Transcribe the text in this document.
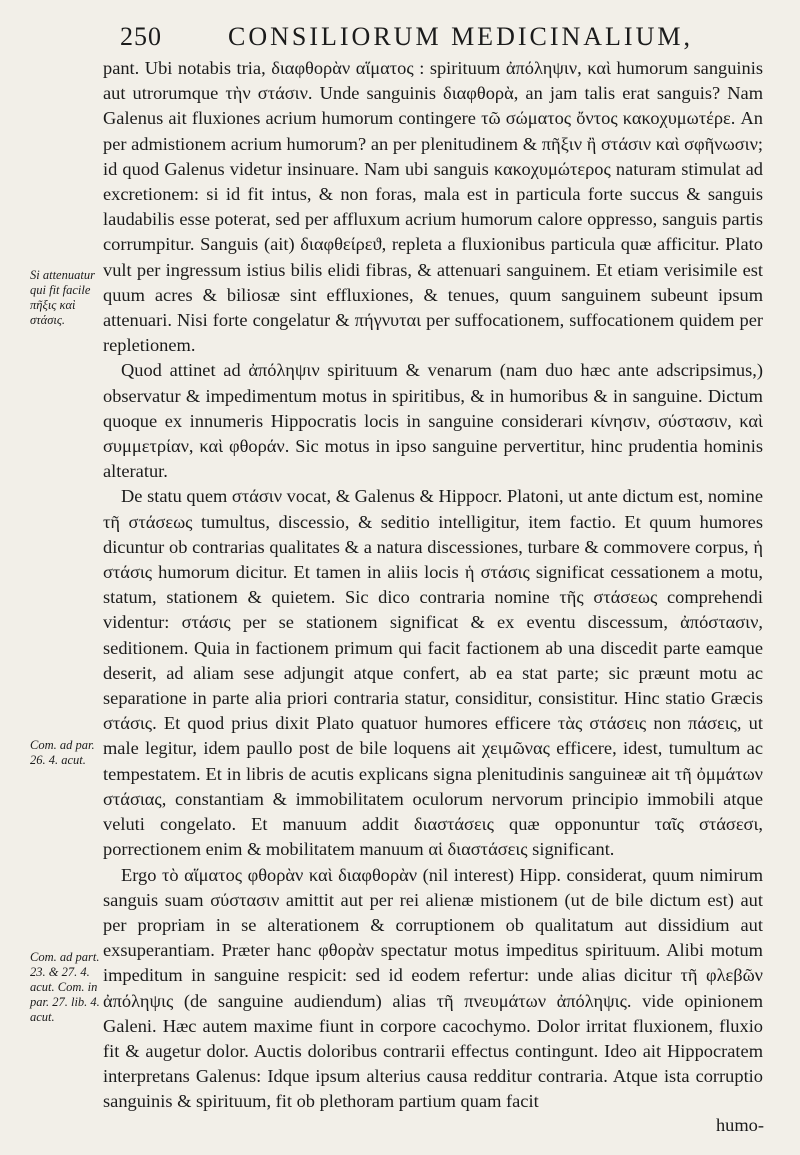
250	CONSILIORUM MEDICINALIUM,
Si attenuatur qui fit facile πῆξις καὶ στάσις.
Com. ad par. 26. 4. acut.
Com. ad part. 23. & 27. 4. acut. Com. in par. 27. lib. 4. acut.

pant. Ubi notabis tria, διαφθορὰν αἵματος : spirituum ἀπόληψιν, καὶ humorum sanguinis aut utrorumque τὴν στάσιν. Unde sanguinis διαφθορὰ, an jam talis erat sanguis? Nam Galenus ait fluxiones acrium humorum contingere τῶ σώματος ὄντος κακοχυμωτέρε. An per admistionem acrium humorum? an per plenitudinem & πῆξιν ἢ στάσιν καὶ σφῆνωσιν; id quod Galenus videtur insinuare. Nam ubi sanguis κακοχυμώτερος naturam stimulat ad excretionem: si id fit intus, & non foras, mala est in particula forte succus & sanguis laudabilis esse poterat, sed per affluxum acrium humorum calore oppresso, sanguis partis corrumpitur. Sanguis (ait) διαφθείρεϑ, repleta a fluxionibus particula quæ afficitur. Plato vult per ingressum istius bilis elidi fibras, & attenuari sanguinem. Et etiam verisimile est quum acres & biliosæ sint effluxiones, & tenues, quum sanguinem subeunt ipsum attenuari. Nisi forte congelatur & πήγνυται per suffocationem, suffocationem quidem per repletionem.

Quod attinet ad ἀπόληψιν spirituum & venarum (nam duo hæc ante adscripsimus,) observatur & impedimentum motus in spiritibus, & in humoribus & in sanguine. Dictum quoque ex innumeris Hippocratis locis in sanguine considerari κίνησιν, σύστασιν, καὶ συμμετρίαν, καὶ φθοράν. Sic motus in ipso sanguine pervertitur, hinc prudentia hominis alteratur.

De statu quem στάσιν vocat, & Galenus & Hippocr. Platoni, ut ante dictum est, nomine τῆ στάσεως tumultus, discessio, & seditio intelligitur, item factio. Et quum humores dicuntur ob contrarias qualitates & a natura discessiones, turbare & commovere corpus, ἡ στάσις humorum dicitur. Et tamen in aliis locis ἡ στάσις significat cessationem a motu, statum, stationem & quietem. Sic dico contraria nomine τῆς στάσεως comprehendi videntur: στάσις per se stationem significat & ex eventu discessum, ἀπόστασιν, seditionem. Quia in factionem primum qui facit factionem ab una discedit parte eamque deserit, ad aliam sese adjungit atque confert, ab ea stat parte; sic præunt motu ac separatione in parte alia priori contraria statur, considitur, consistitur. Hinc statio Græcis στάσις. Et quod prius dixit Plato quatuor humores efficere τὰς στάσεις non πάσεις, ut male legitur, idem paullo post de bile loquens ait χειμῶνας efficere, idest, tumultum ac tempestatem. Et in libris de acutis explicans signa plenitudinis sanguineæ ait τῆ ὀμμάτων στάσιας, constantiam & immobilitatem oculorum nervorum principio immobili atque veluti congelato. Et manuum addit διαστάσεις quæ opponuntur ταῖς στάσεσι, porrectionem enim & mobilitatem manuum αἱ διαστάσεις significant.

Ergo τὸ αἵματος φθορὰν καὶ διαφθορὰν (nil interest) Hipp. considerat, quum nimirum sanguis suam σύστασιν amittit aut per rei alienæ mistionem (ut de bile dictum est) aut per propriam in se alterationem & corruptionem ob qualitatum aut dissidium aut exsuperantiam. Præter hanc φθορὰν spectatur motus impeditus spirituum. Alibi motum impeditum in sanguine respicit: sed id eodem refertur: unde alias dicitur τῆ φλεβῶν ἀπόληψις (de sanguine audiendum) alias τῆ πνευμάτων ἀπόληψις. vide opinionem Galeni. Hæc autem maxime fiunt in corpore cacochymo. Dolor irritat fluxionem, fluxio fit & augetur dolor. Auctis doloribus contrarii effectus contingunt. Ideo ait Hippocratem interpretans Galenus: Idque ipsum alterius causa redditur contraria. Atque ista corruptio sanguinis & spirituum, fit ob plethoram partium quam facit

humo-
